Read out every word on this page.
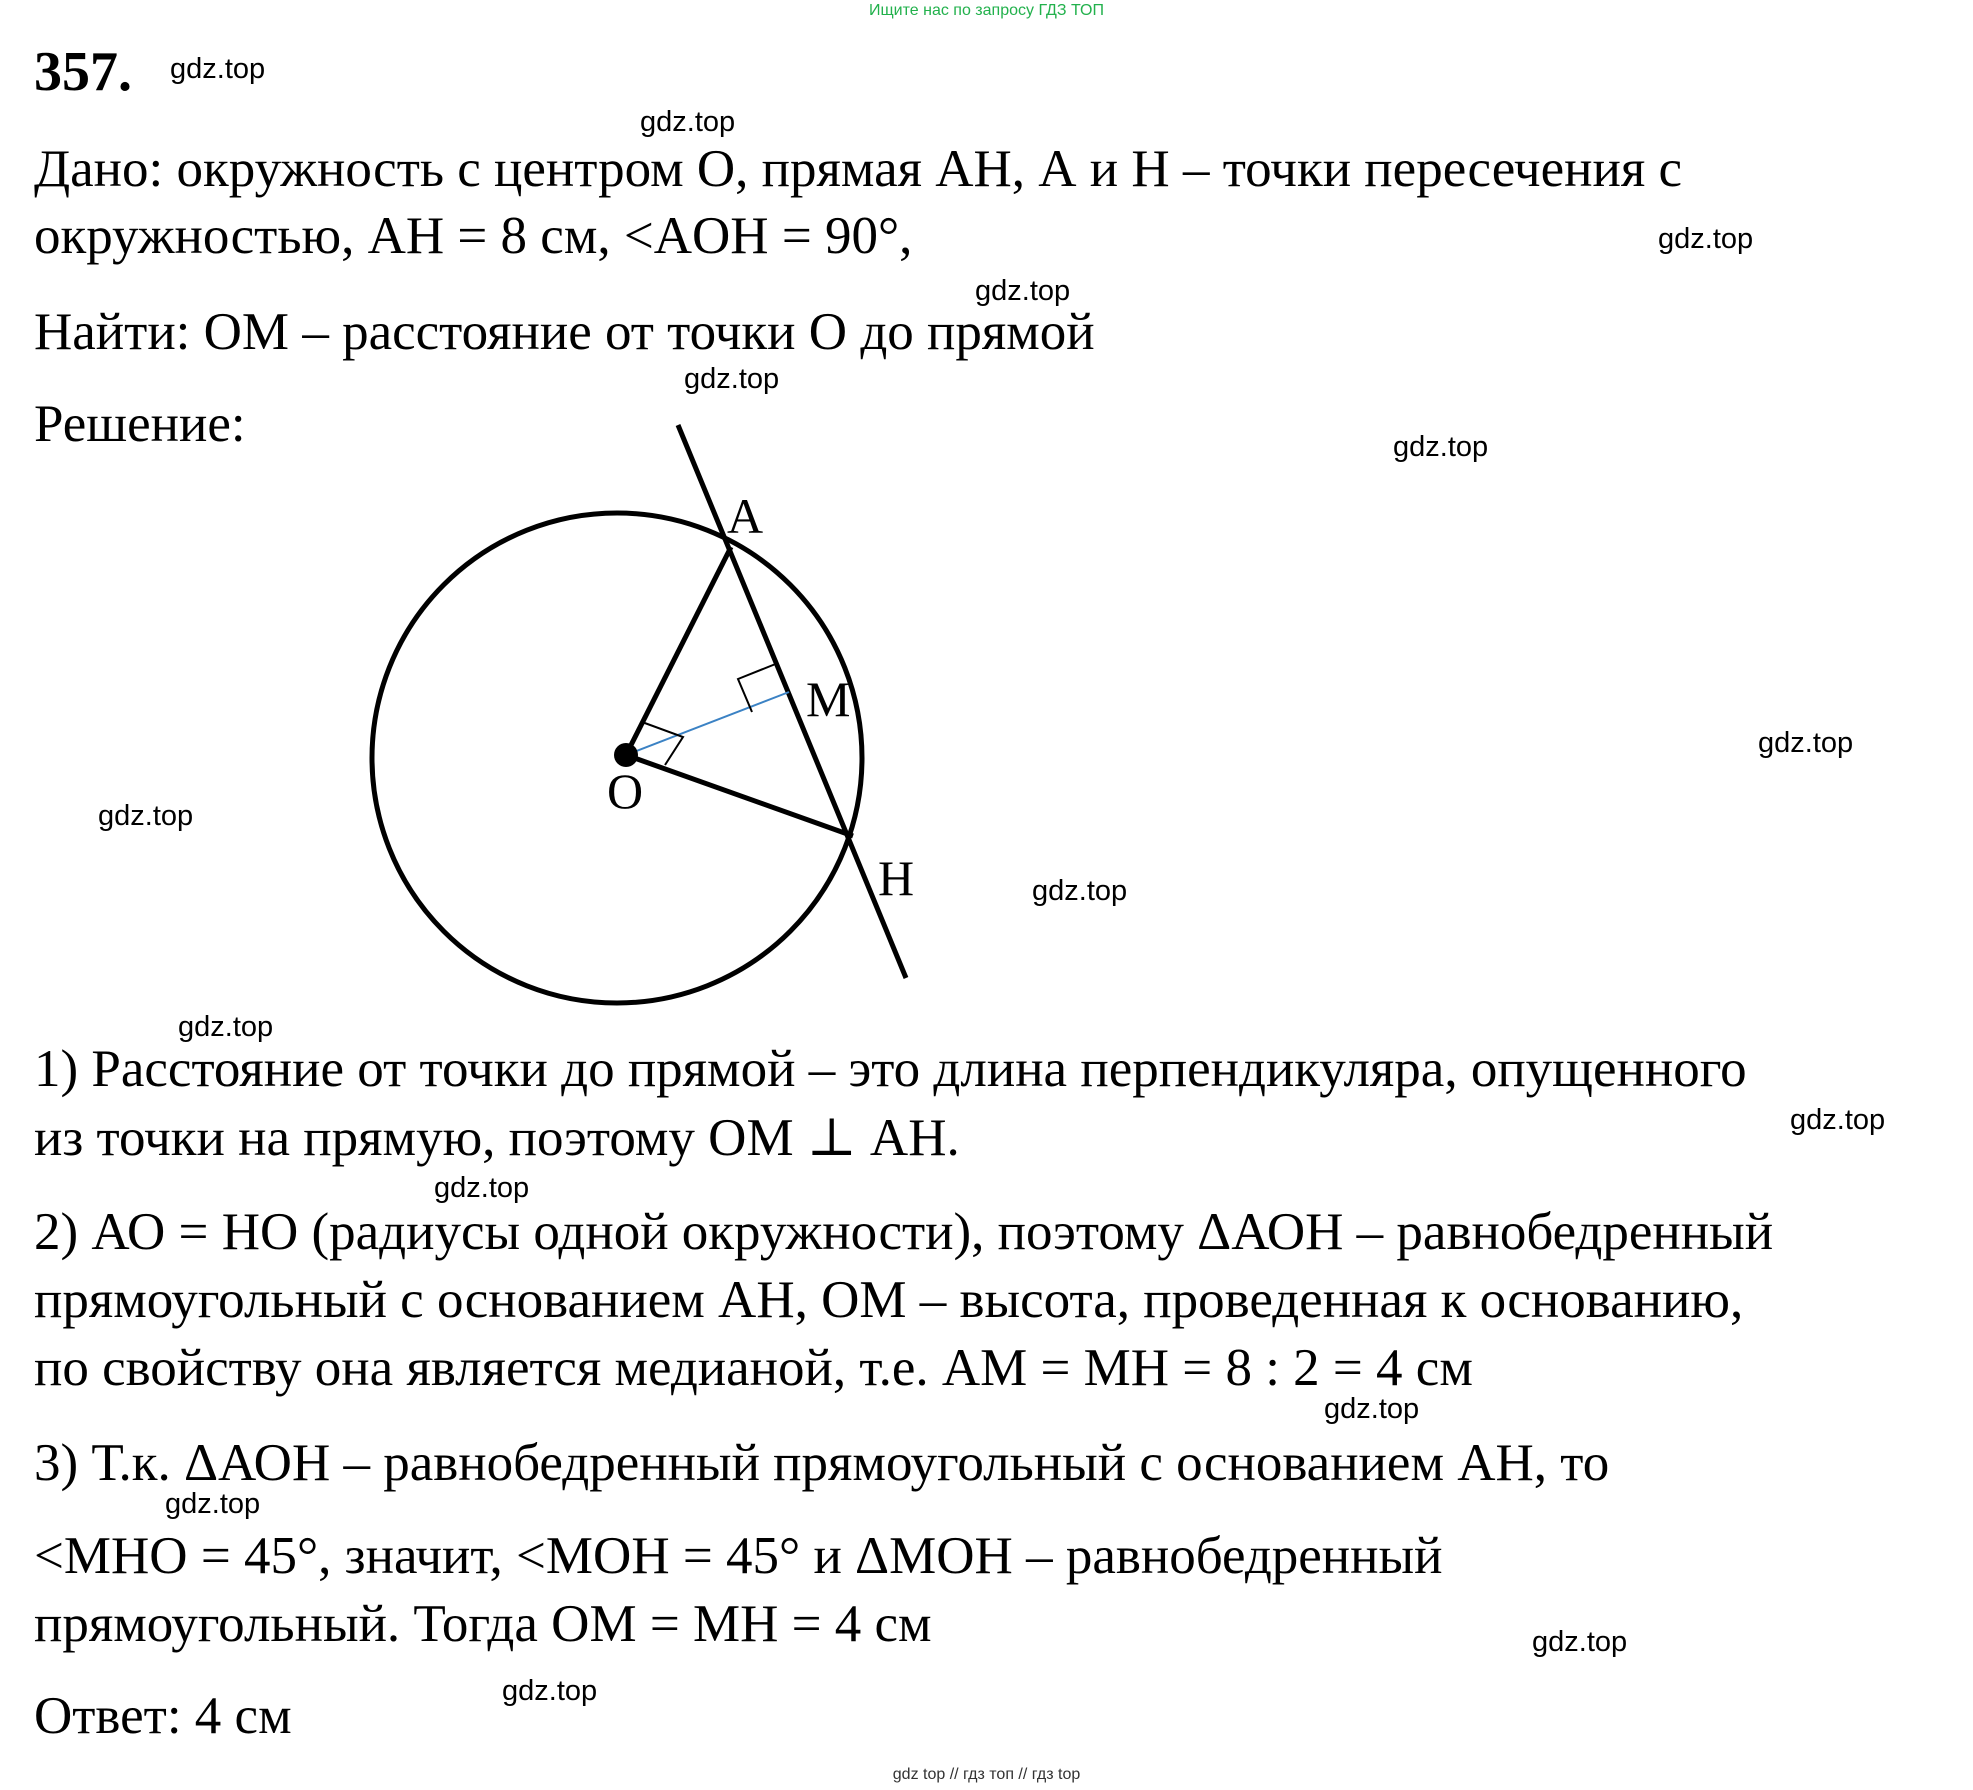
Ищите нас по запросу ГДЗ ТОП
357.
Дано: окружность с центром О, прямая АН, А и Н – точки пересечения с
окружностью, АН = 8 см, <AOH = 90°,
Найти: ОМ – расстояние от точки О до прямой
Решение:
A
M
O
H
1) Расстояние от точки до прямой – это длина перпендикуляра, опущенного
из точки на прямую, поэтому ОМ ⊥ АН.
2) АО = НО (радиусы одной окружности), поэтому ΔАОН – равнобедренный
прямоугольный с основанием АН, ОМ – высота, проведенная к основанию,
по свойству она является медианой, т.е. АМ = МН = 8 : 2 = 4 см
3) Т.к. ΔАОН – равнобедренный прямоугольный с основанием АН, то
<MHO = 45°, значит, <MOH = 45° и ΔMOH – равнобедренный
прямоугольный. Тогда ОМ = МН = 4 см
Ответ: 4 см
gdz.top
gdz.top
gdz.top
gdz.top
gdz.top
gdz.top
gdz.top
gdz.top
gdz.top
gdz.top
gdz.top
gdz.top
gdz.top
gdz.top
gdz.top
gdz.top
gdz top // гдз топ // гдз top
